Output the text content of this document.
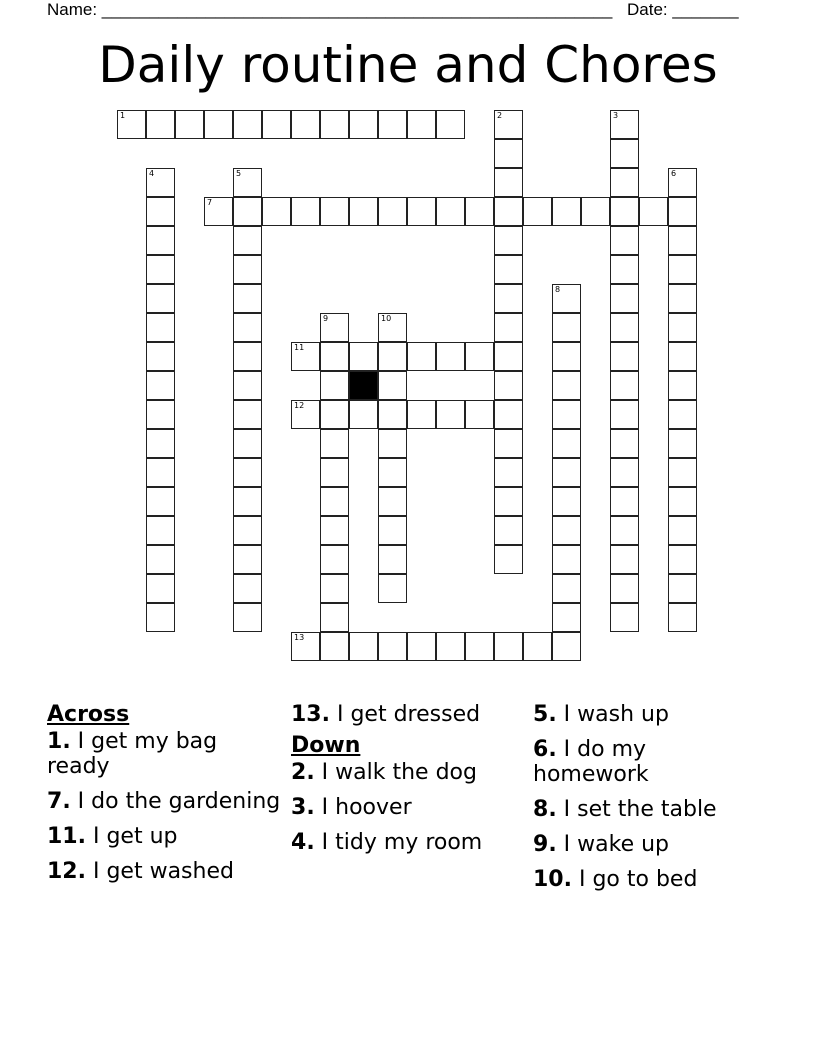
Name: ______________________________________________________ Date: _______
Daily routine and Chores
Across
1. I get my bag ready
7. I do the gardening
11. I get up
12. I get washed
13. I get dressed
Down
2. I walk the dog
3. I hoover
4. I tidy my room
5. I wash up
6. I do my homework
8. I set the table
9. I wake up
10. I go to bed
1
7
11
12
13
2	3
4	5	6
8
9	10
